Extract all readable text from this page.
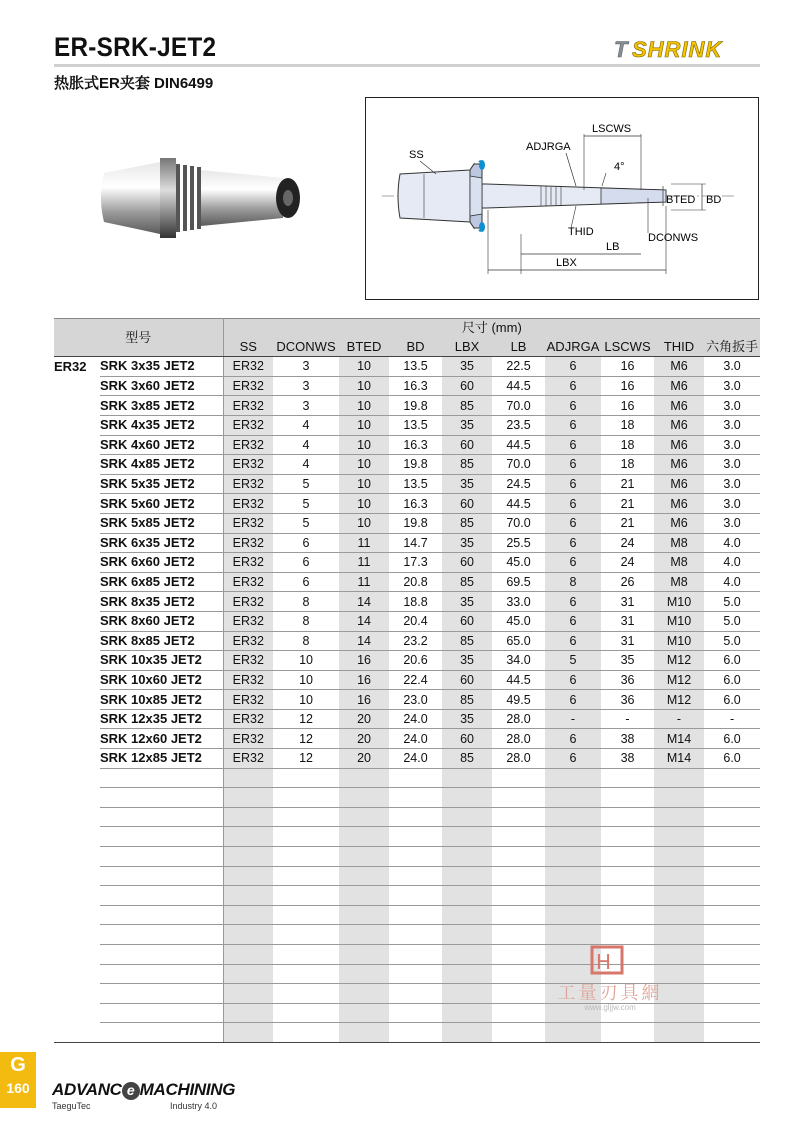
ER-SRK-JET2
热胀式ER夹套 DIN6499
T SHRINK
SS
ADJRGA
LSCWS
4°
BTED BD
THID	DCONWS
LB
LBX
型号		尺寸 (mm)									
		SS	DCONWS	BTED	BD	LBX	LB	ADJRGA	LSCWS	THID	六角扳手
ER32	SRK 3x35 JET2	ER32	3	10	13.5	35	22.5	6	16	M6	3.0
	SRK 3x60 JET2	ER32	3	10	16.3	60	44.5	6	16	M6	3.0
	SRK 3x85 JET2	ER32	3	10	19.8	85	70.0	6	16	M6	3.0
	SRK 4x35 JET2	ER32	4	10	13.5	35	23.5	6	18	M6	3.0
	SRK 4x60 JET2	ER32	4	10	16.3	60	44.5	6	18	M6	3.0
	SRK 4x85 JET2	ER32	4	10	19.8	85	70.0	6	18	M6	3.0
	SRK 5x35 JET2	ER32	5	10	13.5	35	24.5	6	21	M6	3.0
	SRK 5x60 JET2	ER32	5	10	16.3	60	44.5	6	21	M6	3.0
	SRK 5x85 JET2	ER32	5	10	19.8	85	70.0	6	21	M6	3.0
	SRK 6x35 JET2	ER32	6	11	14.7	35	25.5	6	24	M8	4.0
	SRK 6x60 JET2	ER32	6	11	17.3	60	45.0	6	24	M8	4.0
	SRK 6x85 JET2	ER32	6	11	20.8	85	69.5	8	26	M8	4.0
	SRK 8x35 JET2	ER32	8	14	18.8	35	33.0	6	31	M10	5.0
	SRK 8x60 JET2	ER32	8	14	20.4	60	45.0	6	31	M10	5.0
	SRK 8x85 JET2	ER32	8	14	23.2	85	65.0	6	31	M10	5.0
	SRK 10x35 JET2	ER32	10	16	20.6	35	34.0	5	35	M12	6.0
	SRK 10x60 JET2	ER32	10	16	22.4	60	44.5	6	36	M12	6.0
	SRK 10x85 JET2	ER32	10	16	23.0	85	49.5	6	36	M12	6.0
	SRK 12x35 JET2	ER32	12	20	24.0	35	28.0	-	-	-	-
	SRK 12x60 JET2	ER32	12	20	24.0	60	28.0	6	38	M14	6.0
	SRK 12x85 JET2	ER32	12	20	24.0	85	28.0	6	38	M14	6.0

H
工量刃具網
www.gljjw.com
G
160	ADVANC e MACHINING
TaeguTec	Industry 4.0
